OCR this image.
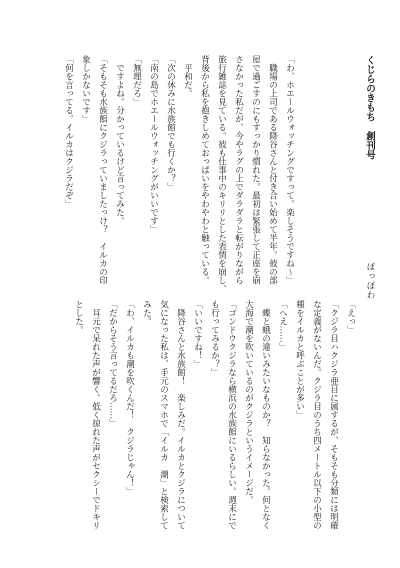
くじらのきもち　創刊号
ぽっぽわ
「わ、ホエールウォッチングですって。楽しそうですね〜」
　職場の上司である降谷さんと付き合い始めて半年。彼の部
屋で過ごすのにもすっかり慣れた。最初は緊張して正座を崩
さなかった私だが、今やラグの上でダラダラと転がりながら
旅行雑誌を見ている。彼も仕事中のキリリとした表情を崩し、
背後から私を抱きしめておっぱいをやわやわと触っている。
　平和だ。
「次の休みに水族館でも行くか？」
「南の島でホエールウォッチングがいいです」
「無理だろ」
　ですよね。分かっているけど言ってみた。
「そもそも水族館にクジラっていましたっけ？　イルカの印
象しかないです」
「何を言ってる。イルカはクジラだぞ」
「えっ」
「クジラ目ハクジラ亜目に属するが、そもそも分類には明確
な定義がないんだ。クジラ目のうち四メートル以下の小型の
種をイルカと呼ぶことが多い」
「へえ……」
　蝶と蛾の違いみたいなものか？　知らなかった。何となく
大海で潮を吹いているのがクジラというイメージだ。
「ゴンドウクジラなら横浜の水族館にいるらしい。週末にで
も行ってみるか？」
「いいですね！」
　降谷さんと水族館！　楽しみだ。イルカとクジラについて
気になった私は、手元のスマホで「イルカ　潮」と検索して
みた。
「わ、イルカも潮を吹くんだ！　クジラじゃん！」
「だからそう言ってるだろ……」
　耳元で呆れた声が響く。低く掠れた声がセクシーでドキリ
とした。
